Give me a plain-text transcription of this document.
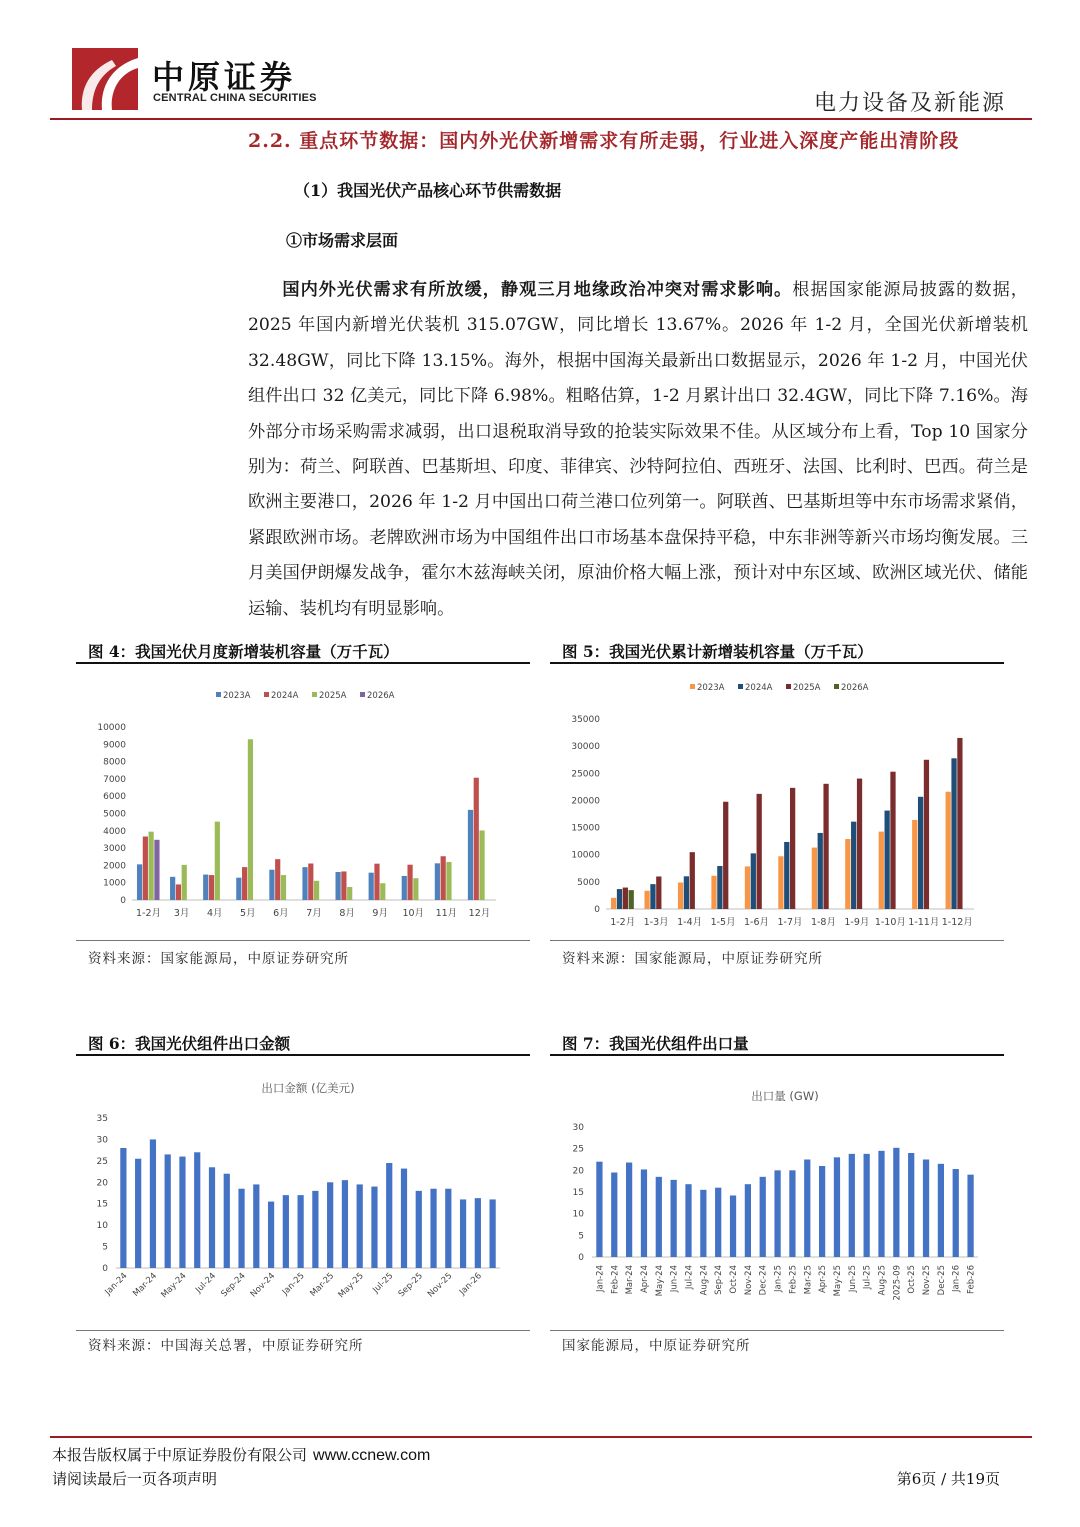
中原证券
CENTRAL CHINA SECURITIES	电力设备及新能源
2.2. 重点环节数据：国内外光伏新增需求有所走弱，行业进入深度产能出清阶段
（1）我国光伏产品核心环节供需数据
①市场需求层面

国内外光伏需求有所放缓，静观三月地缘政治冲突对需求影响。根据国家能源局披露的数据，2025 年国内新增光伏装机 315.07GW，同比增长 13.67%。2026 年 1-2 月，全国光伏新增装机 32.48GW，同比下降 13.15%。海外，根据中国海关最新出口数据显示，2026 年 1-2 月，中国光伏组件出口 32 亿美元，同比下降 6.98%。粗略估算，1-2 月累计出口 32.4GW，同比下降 7.16%。海外部分市场采购需求减弱，出口退税取消导致的抢装实际效果不佳。从区域分布上看，Top 10 国家分别为：荷兰、阿联酋、巴基斯坦、印度、菲律宾、沙特阿拉伯、西班牙、法国、比利时、巴西。荷兰是欧洲主要港口，2026 年 1-2 月中国出口荷兰港口位列第一。阿联酋、巴基斯坦等中东市场需求紧俏，紧跟欧洲市场。老牌欧洲市场为中国组件出口市场基本盘保持平稳，中东非洲等新兴市场均衡发展。三月美国伊朗爆发战争，霍尔木兹海峡关闭，原油价格大幅上涨，预计对中东区域、欧洲区域光伏、储能运输、装机均有明显影响。

图 4：我国光伏月度新增装机容量（万千瓦）
0
1000
2000
3000
4000
5000
6000
7000
8000
9000
10000
1-2月 3月 4月 5月 6月 7月 8月 9月 10月 11月 12月
2023A 2024A 2025A 2026A
资料来源：国家能源局，中原证券研究所
图 5：我国光伏累计新增装机容量（万千瓦）
0
5000
10000
15000
20000
25000
30000
35000
1-2月 1-3月 1-4月 1-5月 1-6月 1-7月 1-8月 1-9月 1-10月 1-11月 1-12月
2023A 2024A 2025A 2026A
资料来源：国家能源局，中原证券研究所
图 6：我国光伏组件出口金额
出口金额 (亿美元)
0
5
10
15
20
25
30
35
Jan-24 Mar-24 May-24 Jul-24 Sep-24 Nov-24 Jan-25 Mar-25 May-25 Jul-25 Sep-25 Nov-25 Jan-26
资料来源：中国海关总署，中原证券研究所
图 7：我国光伏组件出口量
出口量 (GW)
0
5
10
15
20
25
30
Jan-24 Feb-24 Mar-24 Apr-24 May-24 Jun-24 Jul-24 Aug-24 Sep-24 Oct-24 Nov-24 Dec-24 Jan-25 Feb-25 Mar-25 Apr-25 May-25 Jun-25 Jul-25 Aug-25 2025-09 Oct-25 Nov-25 Dec-25 Jan-26 Feb-26
国家能源局，中原证券研究所
本报告版权属于中原证券股份有限公司 www.ccnew.com
请阅读最后一页各项声明	第6页 / 共19页
